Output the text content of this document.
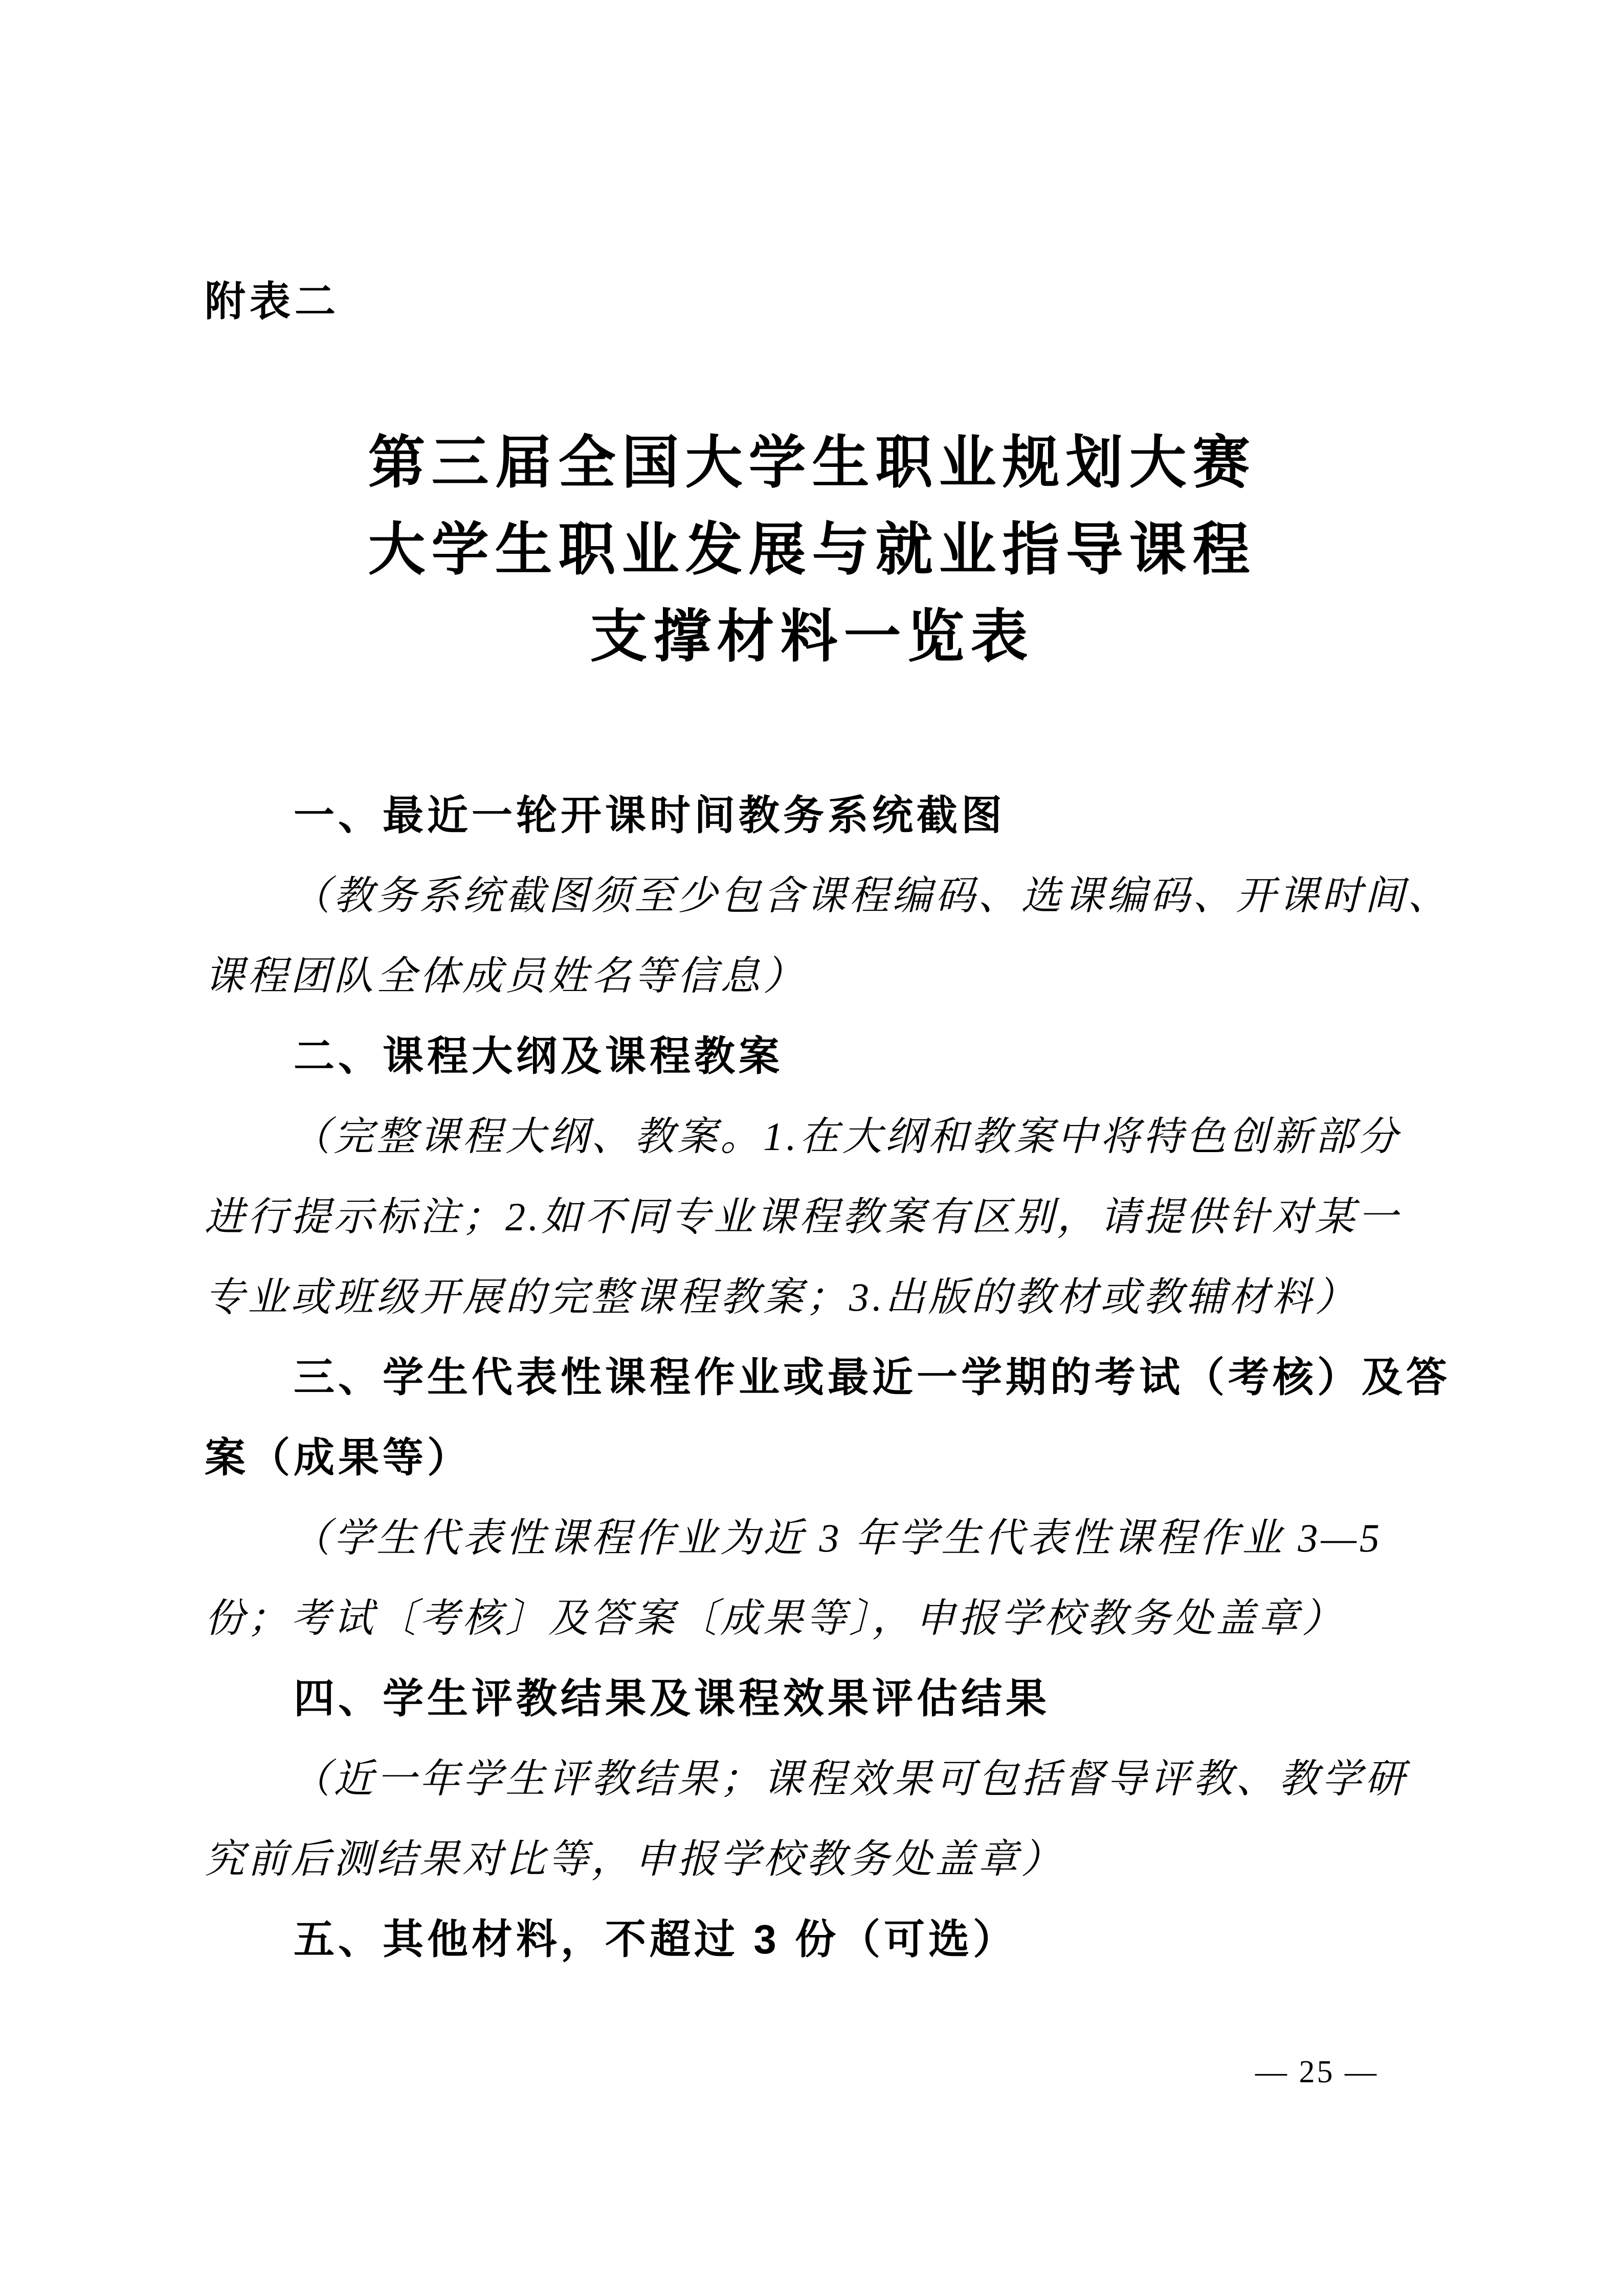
附表二
第三届全国大学生职业规划大赛
大学生职业发展与就业指导课程
支撑材料一览表
一、最近一轮开课时间教务系统截图
（教务系统截图须至少包含课程编码、选课编码、开课时间、
课程团队全体成员姓名等信息）
二、课程大纲及课程教案
（完整课程大纲、教案。1.在大纲和教案中将特色创新部分
进行提示标注；2.如不同专业课程教案有区别，请提供针对某一
专业或班级开展的完整课程教案；3.出版的教材或教辅材料）
三、学生代表性课程作业或最近一学期的考试（考核）及答
案（成果等）
（学生代表性课程作业为近 3 年学生代表性课程作业 3—5
份；考试〔考核〕及答案〔成果等〕，申报学校教务处盖章）
四、学生评教结果及课程效果评估结果
（近一年学生评教结果；课程效果可包括督导评教、教学研
究前后测结果对比等，申报学校教务处盖章）
五、其他材料，不超过 3 份（可选）
— 25 —
